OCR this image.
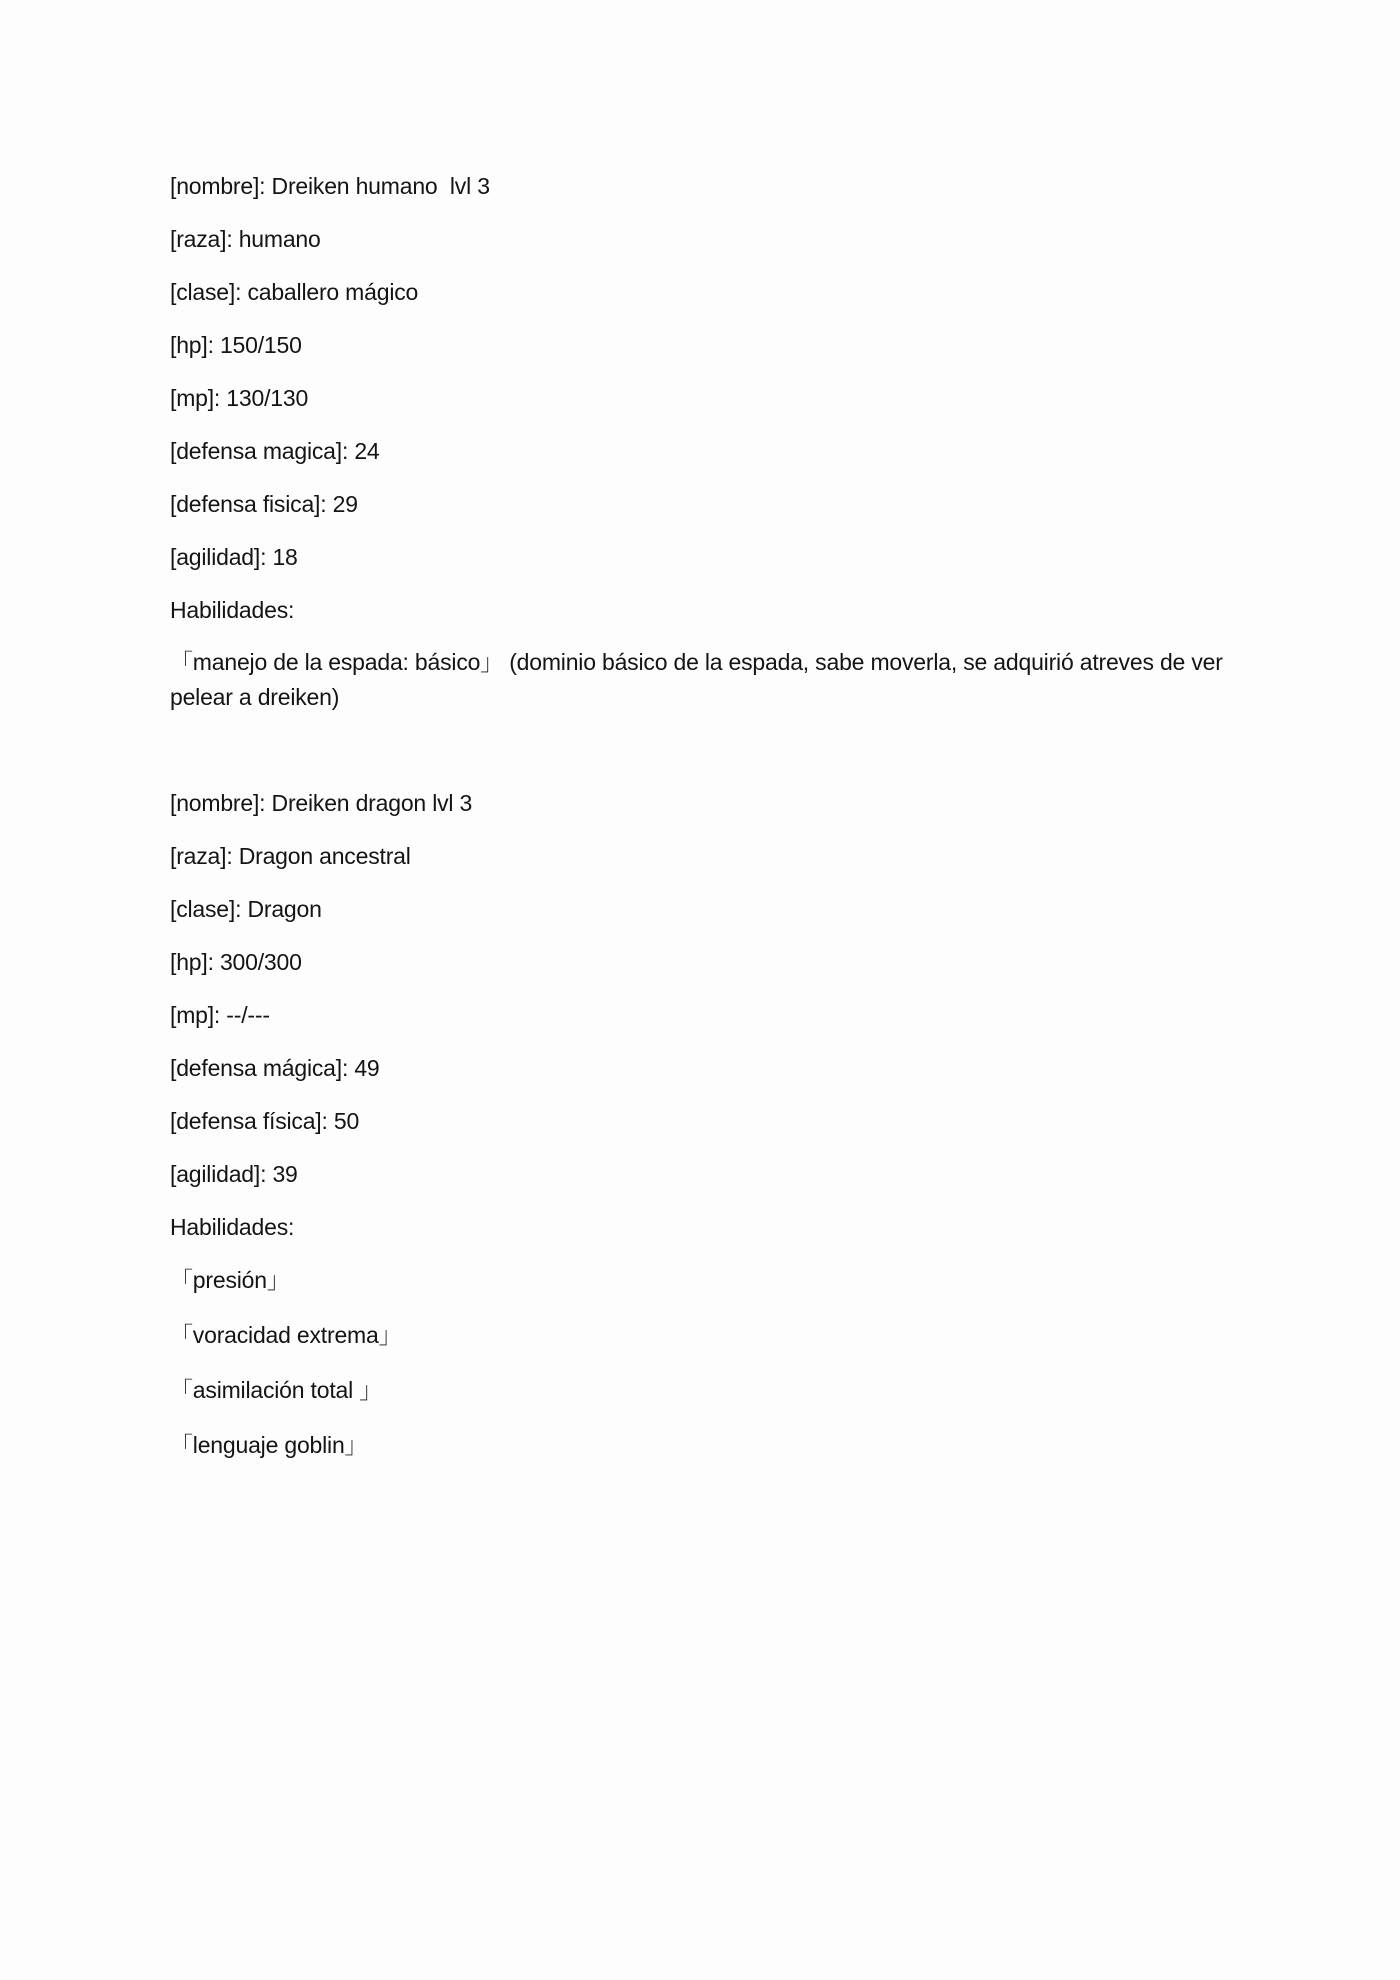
[nombre]: Dreiken humano  lvl 3
[raza]: humano
[clase]: caballero mágico
[hp]: 150/150
[mp]: 130/130
[defensa magica]: 24
[defensa fisica]: 29
[agilidad]: 18
Habilidades:
「manejo de la espada: básico」 (dominio básico de la espada, sabe moverla, se adquirió atreves de ver pelear a dreiken)
[nombre]: Dreiken dragon lvl 3
[raza]: Dragon ancestral
[clase]: Dragon
[hp]: 300/300
[mp]: --/---
[defensa mágica]: 49
[defensa física]: 50
[agilidad]: 39
Habilidades:
「presión」
「voracidad extrema」
「asimilación total 」
「lenguaje goblin」
